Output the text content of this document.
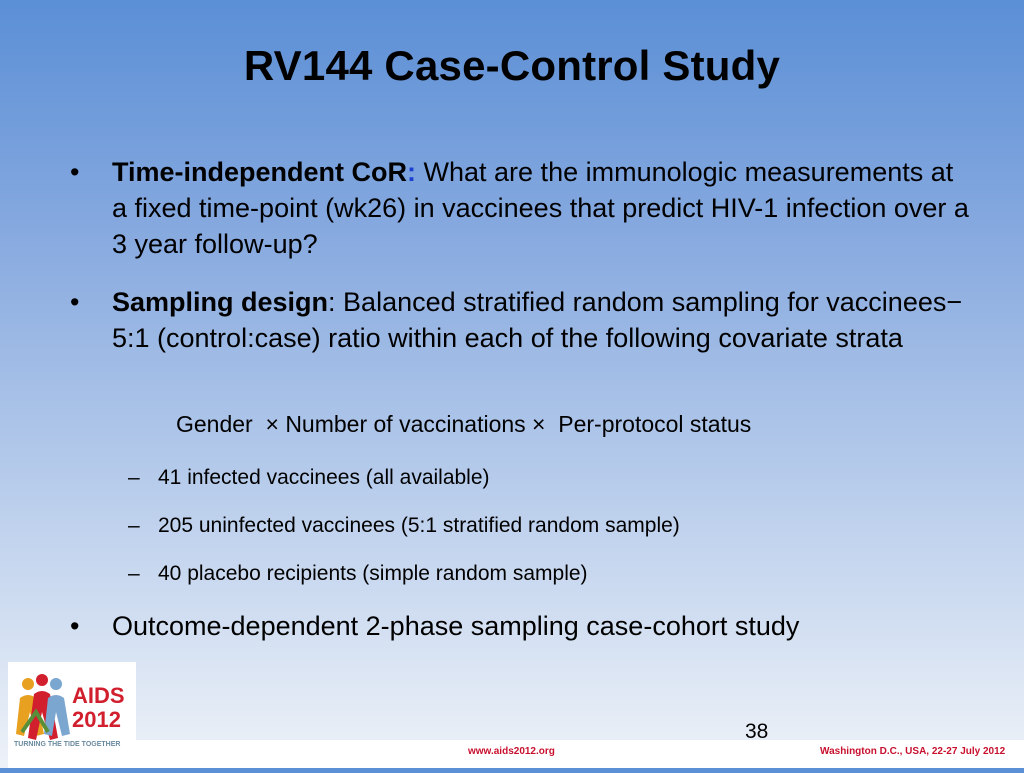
RV144 Case-Control Study
• Time-independent CoR: What are the immunologic measurements at a fixed time-point (wk26) in vaccinees that predict HIV-1 infection over a 3 year follow-up?
• Sampling design: Balanced stratified random sampling for vaccinees− 5:1 (control:case) ratio within each of the following covariate strata
Gender  × Number of vaccinations ×  Per-protocol status
– 41 infected vaccinees (all available)
– 205 uninfected vaccinees (5:1 stratified random sample)
– 40 placebo recipients (simple random sample)
• Outcome-dependent 2-phase sampling case-cohort study
AIDS
2012
TURNING THE TIDE TOGETHER
38
www.aids2012.org	Washington D.C., USA, 22-27 July 2012
